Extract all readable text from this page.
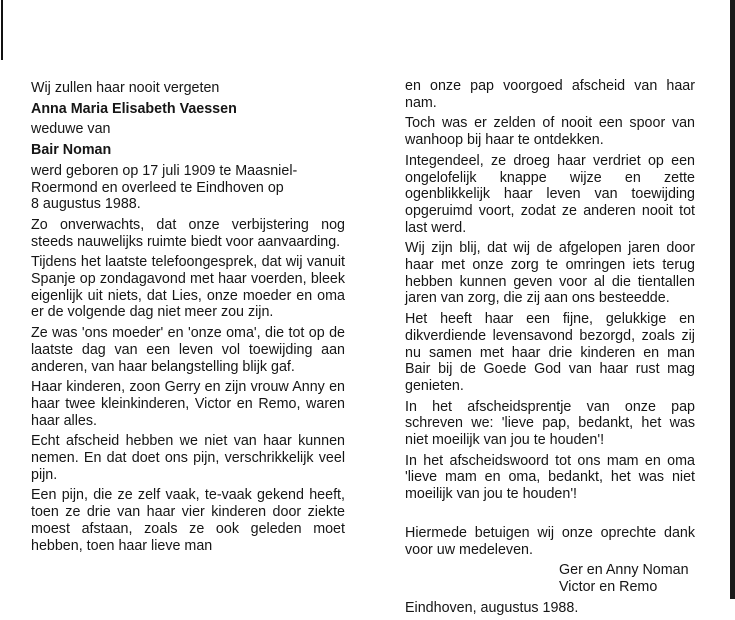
Wij zullen haar nooit vergeten

Anna Maria Elisabeth Vaessen

weduwe van

Bair Noman

werd geboren op 17 juli 1909 te Maasniel-
Roermond en overleed te Eindhoven op
8 augustus 1988.

Zo onverwachts, dat onze verbijstering nog steeds nauwelijks ruimte biedt voor aanvaarding.

Tijdens het laatste telefoongesprek, dat wij vanuit Spanje op zondagavond met haar voerden, bleek eigenlijk uit niets, dat Lies, onze moeder en oma er de volgende dag niet meer zou zijn.

Ze was 'ons moeder' en 'onze oma', die tot op de laatste dag van een leven vol toewijding aan anderen, van haar belangstelling blijk gaf.

Haar kinderen, zoon Gerry en zijn vrouw Anny en haar twee kleinkinderen, Victor en Remo, waren haar alles.

Echt afscheid hebben we niet van haar kunnen nemen. En dat doet ons pijn, verschrikkelijk veel pijn.

Een pijn, die ze zelf vaak, te-vaak gekend heeft, toen ze drie van haar vier kinderen door ziekte moest afstaan, zoals ze ook geleden moet hebben, toen haar lieve man

en onze pap voorgoed afscheid van haar nam.

Toch was er zelden of nooit een spoor van wanhoop bij haar te ontdekken.

Integendeel, ze droeg haar verdriet op een ongelofelijk knappe wijze en zette ogenblikkelijk haar leven van toewijding opgeruimd voort, zodat ze anderen nooit tot last werd.

Wij zijn blij, dat wij de afgelopen jaren door haar met onze zorg te omringen iets terug hebben kunnen geven voor al die tientallen jaren van zorg, die zij aan ons besteedde.

Het heeft haar een fijne, gelukkige en dikverdiende levensavond bezorgd, zoals zij nu samen met haar drie kinderen en man Bair bij de Goede God van haar rust mag genieten.

In het afscheidsprentje van onze pap schreven we: 'lieve pap, bedankt, het was niet moeilijk van jou te houden'!

In het afscheidswoord tot ons mam en oma 'lieve mam en oma, bedankt, het was niet moeilijk van jou te houden'!

Hiermede betuigen wij onze oprechte dank voor uw medeleven.

Ger en Anny Noman
Victor en Remo

Eindhoven, augustus 1988.
